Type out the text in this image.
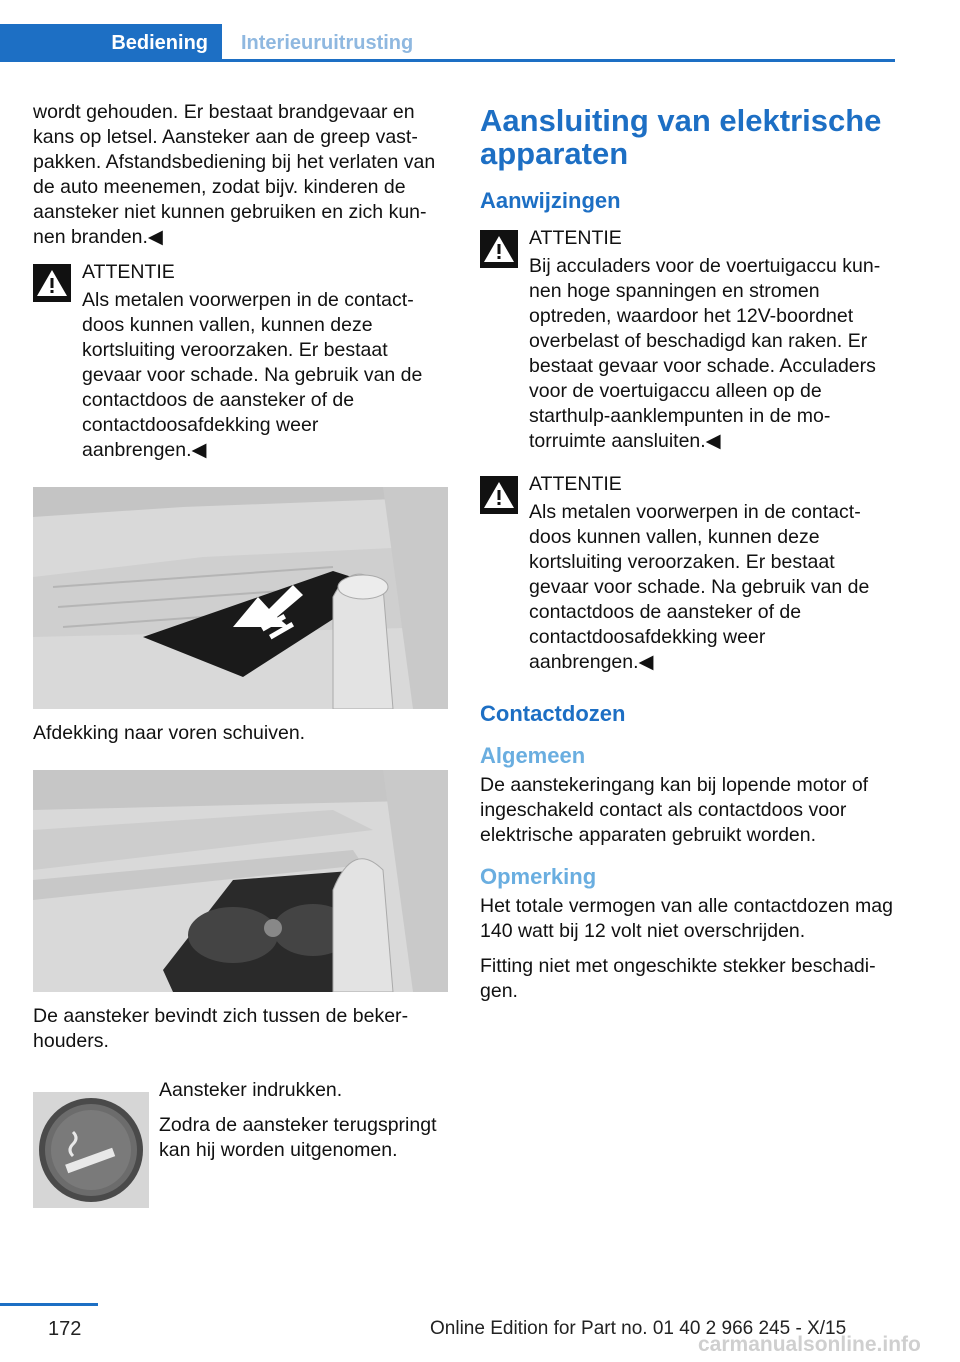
Bediening	Interieuruitrusting

wordt gehouden. Er bestaat brandgevaar en kans op letsel. Aansteker aan de greep vastpakken. Afstandsbediening bij het verlaten van de auto meenemen, zodat bijv. kinderen de aansteker niet kunnen gebruiken en zich kunnen branden.◀

ATTENTIE
Als metalen voorwerpen in de contactdoos kunnen vallen, kunnen deze kortsluiting veroorzaken. Er bestaat gevaar voor schade. Na gebruik van de contactdoos de aansteker of de contactdoosafdekking weer aanbrengen.◀

Afdekking naar voren schuiven.

De aansteker bevindt zich tussen de bekerhouders.

Aansteker indrukken.

Zodra de aansteker terugspringt kan hij worden uitgenomen.

Aansluiting van elektrische apparaten
Aanwijzingen
ATTENTIE
Bij acculaders voor de voertuigaccu kunnen hoge spanningen en stromen optreden, waardoor het 12V-boordnet overbelast of beschadigd kan raken. Er bestaat gevaar voor schade. Acculaders voor de voertuigaccu alleen op de starthulp-aanklempunten in de motorruimte aansluiten.◀
ATTENTIE
Als metalen voorwerpen in de contactdoos kunnen vallen, kunnen deze kortsluiting veroorzaken. Er bestaat gevaar voor schade. Na gebruik van de contactdoos de aansteker of de contactdoosafdekking weer aanbrengen.◀
Contactdozen
Algemeen

De aanstekeringang kan bij lopende motor of ingeschakeld contact als contactdoos voor elektrische apparaten gebruikt worden.

Opmerking

Het totale vermogen van alle contactdozen mag 140 watt bij 12 volt niet overschrijden.

Fitting niet met ongeschikte stekker beschadigen.

172	Online Edition for Part no. 01 40 2 966 245 - X/15
carmanualsonline.info
